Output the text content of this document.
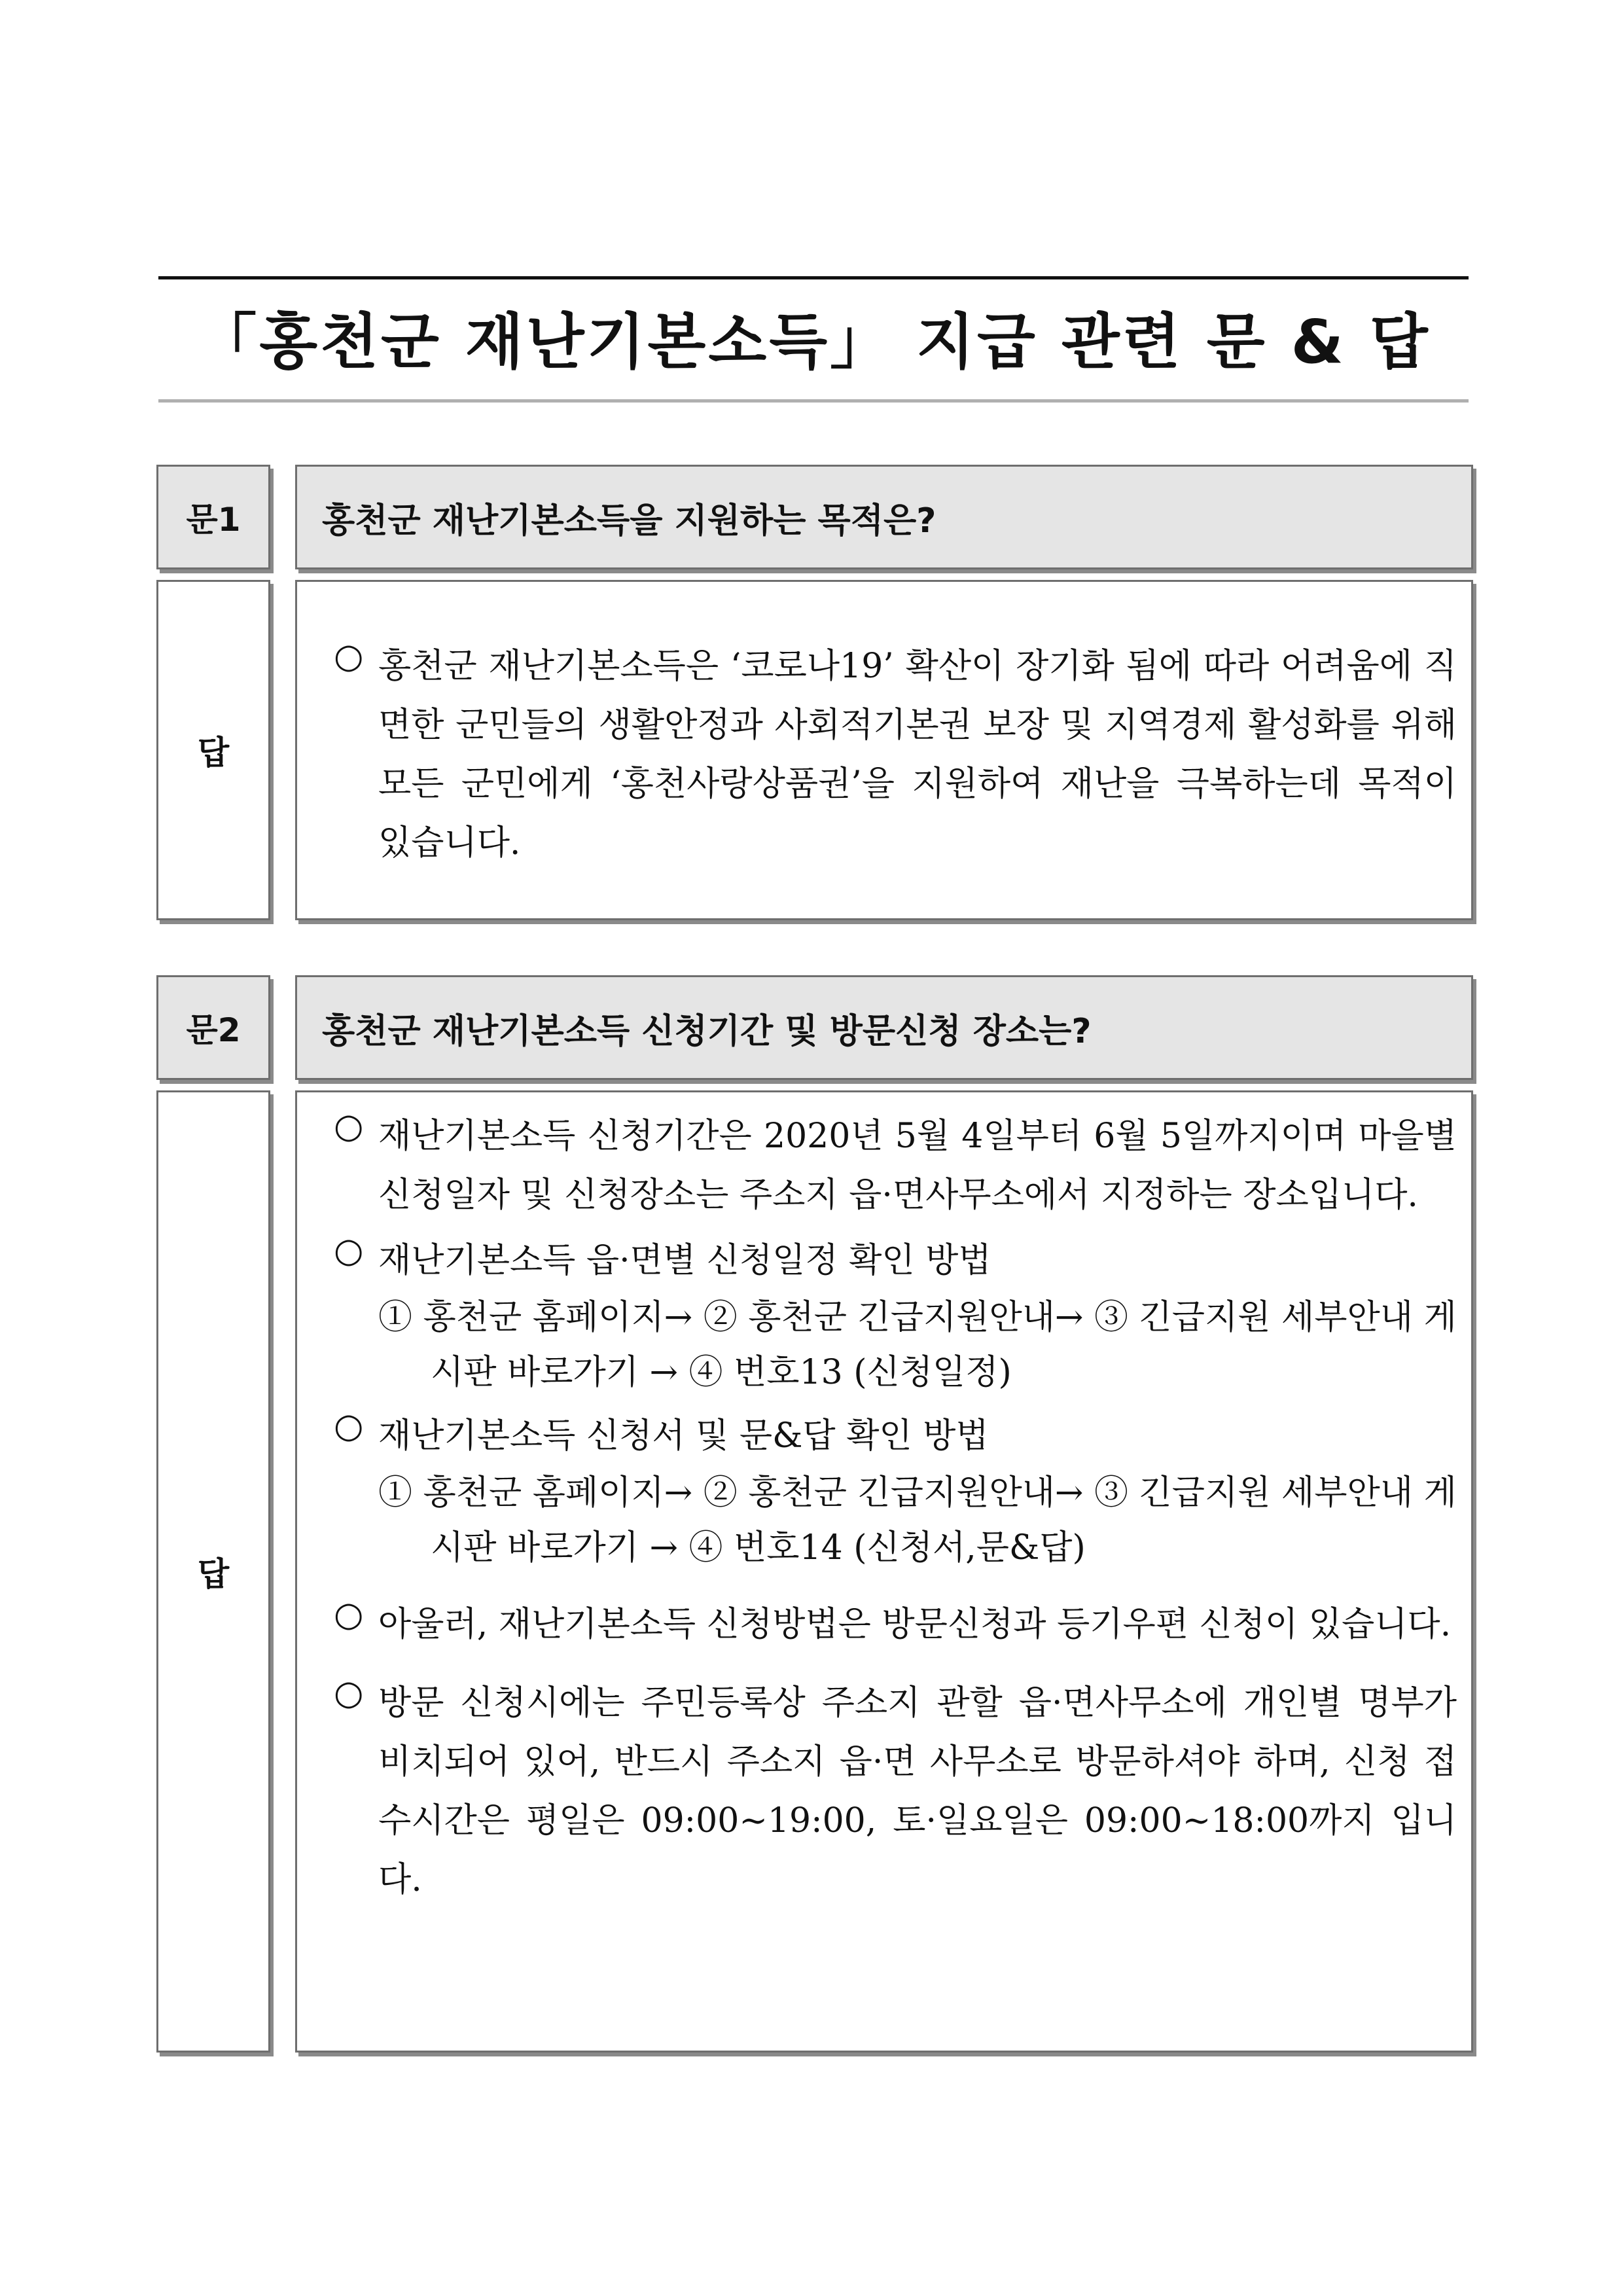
「홍천군 재난기본소득」 지급 관련 문 & 답
문1 홍천군 재난기본소득을 지원하는 목적은?
답
○ 홍천군 재난기본소득은 ‘코로나19’ 확산이 장기화 됨에 따라 어려움에 직면한 군민들의 생활안정과 사회적기본권 보장 및 지역경제 활성화를 위해 모든 군민에게 ‘홍천사랑상품권’을 지원하여 재난을 극복하는데 목적이 있습니다.
문2 홍천군 재난기본소득 신청기간 및 방문신청 장소는?
답
○ 재난기본소득 신청기간은 2020년 5월 4일부터 6월 5일까지이며 마을별 신청일자 및 신청장소는 주소지 읍·면사무소에서 지정하는 장소입니다.
○ 재난기본소득 읍·면별 신청일정 확인 방법
① 홍천군 홈페이지→ ② 홍천군 긴급지원안내→ ③ 긴급지원 세부안내 게시판 바로가기 → ④ 번호13 (신청일정)
○ 재난기본소득 신청서 및 문&답 확인 방법
① 홍천군 홈페이지→ ② 홍천군 긴급지원안내→ ③ 긴급지원 세부안내 게시판 바로가기 → ④ 번호14 (신청서,문&답)
○ 아울러, 재난기본소득 신청방법은 방문신청과 등기우편 신청이 있습니다.
○ 방문 신청시에는 주민등록상 주소지 관할 읍·면사무소에 개인별 명부가 비치되어 있어, 반드시 주소지 읍·면 사무소로 방문하셔야 하며, 신청 접수시간은 평일은 09:00∼19:00, 토·일요일은 09:00∼18:00까지 입니다.
